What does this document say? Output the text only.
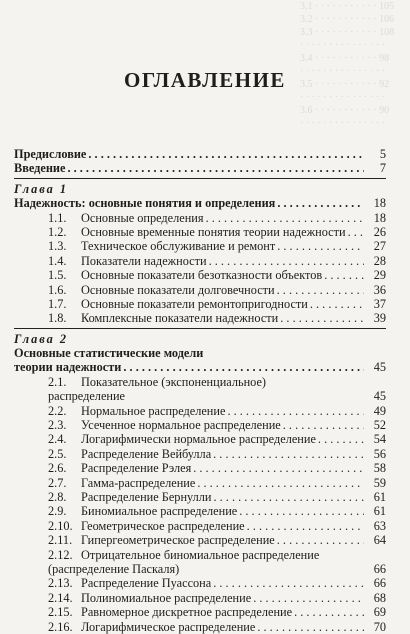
3.1 · · · · · · · · · · · 105
3.2 · · · · · · · · · · · 106
3.3 · · · · · · · · · · · 108
· · · · · · · · · · · · · · ·
3.4 · · · · · · · · · · · 98
· · · · · · · · · · · · · · ·
3.5 · · · · · · · · · · · 92
· · · · · · · · · · · · · · ·
3.6 · · · · · · · · · · · 90
· · · · · · · · · · · · · · ·
ОГЛАВЛЕНИЕ
Предисловие . . .	5
Введение . . .	7
Глава 1
Надежность: основные понятия и определения . . .	18
1.1. Основные определения . . .	18
1.2. Основные временные понятия теории надежности . . .	26
1.3. Техническое обслуживание и ремонт . . .	27
1.4. Показатели надежности . . .	28
1.5. Основные показатели безотказности объектов . . .	29
1.6. Основные показатели долговечности . . .	36
1.7. Основные показатели ремонтопригодности . . .	37
1.8. Комплексные показатели надежности . . .	39
Глава 2
Основные статистические модели
теории надежности . . .	45
2.1. Показательное (экспоненциальное)
распределение	45
2.2. Нормальное распределение . . .	49
2.3. Усеченное нормальное распределение . . .	52
2.4. Логарифмически нормальное распределение . . .	54
2.5. Распределение Вейбулла . . .	56
2.6. Распределение Рэлея . . .	58
2.7. Гамма-распределение . . .	59
2.8. Распределение Бернулли . . .	61
2.9. Биномиальное распределение . . .	61
2.10. Геометрическое распределение . . .	63
2.11. Гипергеометрическое распределение . . .	64
2.12. Отрицательное биномиальное распределение
(распределение Паскаля)	66
2.13. Распределение Пуассона . . .	66
2.14. Полиномиальное распределение . . .	68
2.15. Равномерное дискретное распределение . . .	69
2.16. Логарифмическое распределение . . .	70
